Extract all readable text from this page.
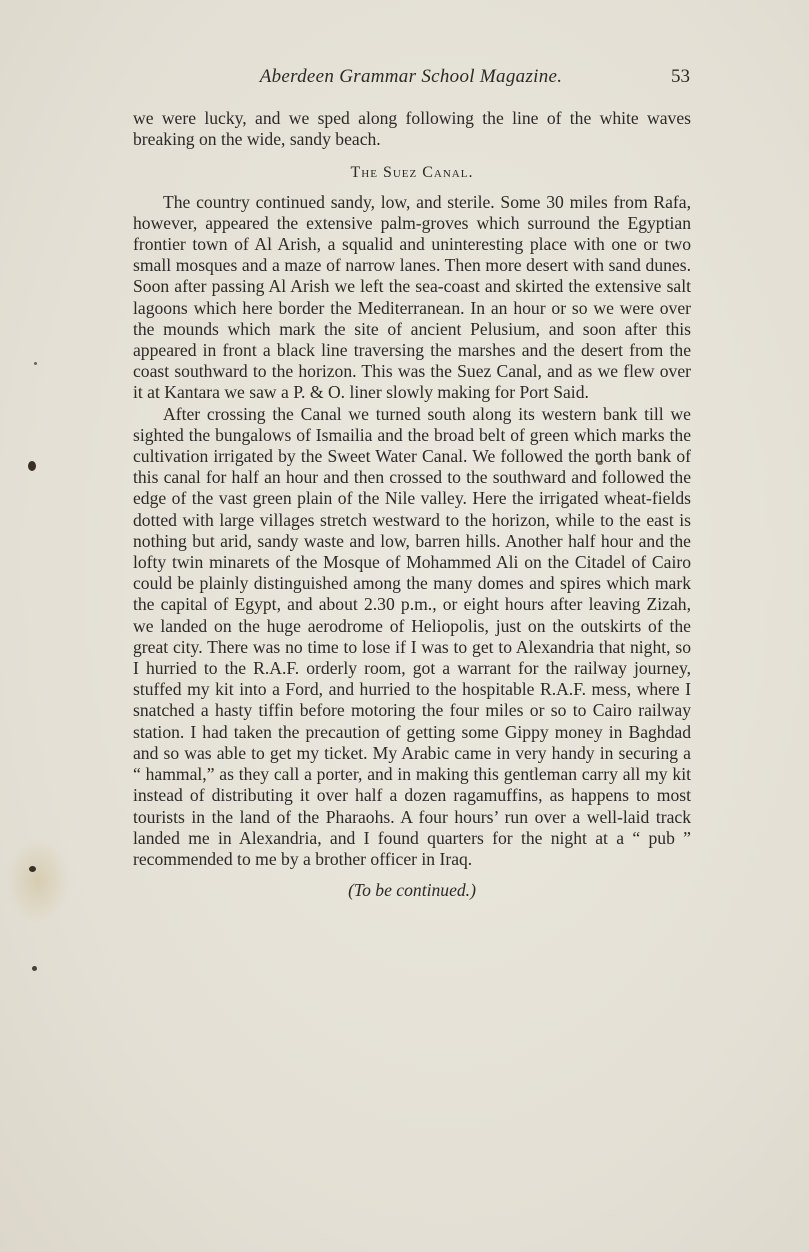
Aberdeen Grammar School Magazine.	53

we were lucky, and we sped along following the line of the white waves breaking on the wide, sandy beach.

The Suez Canal.

The country continued sandy, low, and sterile. Some 30 miles from Rafa, however, appeared the extensive palm-groves which surround the Egyptian frontier town of Al Arish, a squalid and uninteresting place with one or two small mosques and a maze of narrow lanes. Then more desert with sand dunes. Soon after passing Al Arish we left the sea-coast and skirted the extensive salt lagoons which here border the Mediterranean. In an hour or so we were over the mounds which mark the site of ancient Pelusium, and soon after this appeared in front a black line traversing the marshes and the desert from the coast southward to the horizon. This was the Suez Canal, and as we flew over it at Kantara we saw a P. & O. liner slowly making for Port Said.

After crossing the Canal we turned south along its western bank till we sighted the bungalows of Ismailia and the broad belt of green which marks the cultivation irrigated by the Sweet Water Canal. We followed the north bank of this canal for half an hour and then crossed to the southward and followed the edge of the vast green plain of the Nile valley. Here the irrigated wheat-fields dotted with large villages stretch westward to the horizon, while to the east is nothing but arid, sandy waste and low, barren hills. Another half hour and the lofty twin minarets of the Mosque of Mohammed Ali on the Citadel of Cairo could be plainly distinguished among the many domes and spires which mark the capital of Egypt, and about 2.30 p.m., or eight hours after leaving Zizah, we landed on the huge aerodrome of Heliopolis, just on the outskirts of the great city. There was no time to lose if I was to get to Alexandria that night, so I hurried to the R.A.F. orderly room, got a warrant for the railway journey, stuffed my kit into a Ford, and hurried to the hospitable R.A.F. mess, where I snatched a hasty tiffin before motoring the four miles or so to Cairo railway station. I had taken the precaution of getting some Gippy money in Baghdad and so was able to get my ticket. My Arabic came in very handy in securing a “ hammal,” as they call a porter, and in making this gentleman carry all my kit instead of distributing it over half a dozen ragamuffins, as happens to most tourists in the land of the Pharaohs. A four hours’ run over a well-laid track landed me in Alexandria, and I found quarters for the night at a “ pub ” recommended to me by a brother officer in Iraq.

(To be continued.)
